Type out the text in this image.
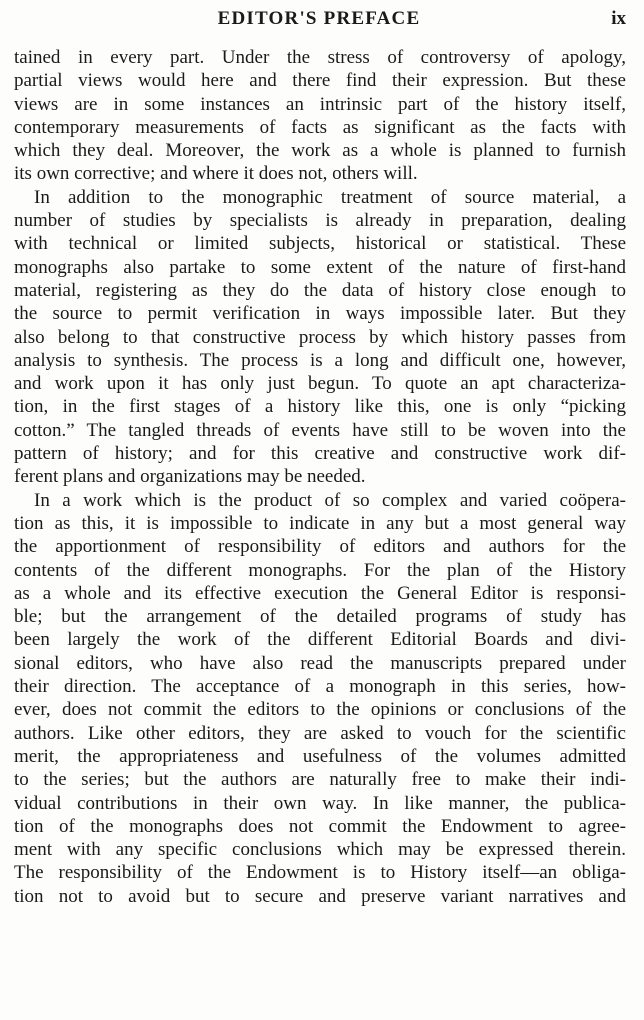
EDITOR'S PREFACE	ix
tained in every part. Under the stress of controversy of apology,
partial views would here and there find their expression. But these
views are in some instances an intrinsic part of the history itself,
contemporary measurements of facts as significant as the facts with
which they deal. Moreover, the work as a whole is planned to furnish
its own corrective; and where it does not, others will.
In addition to the monographic treatment of source material, a
number of studies by specialists is already in preparation, dealing
with technical or limited subjects, historical or statistical. These
monographs also partake to some extent of the nature of first-hand
material, registering as they do the data of history close enough to
the source to permit verification in ways impossible later. But they
also belong to that constructive process by which history passes from
analysis to synthesis. The process is a long and difficult one, however,
and work upon it has only just begun. To quote an apt characteriza-
tion, in the first stages of a history like this, one is only “picking
cotton.” The tangled threads of events have still to be woven into the
pattern of history; and for this creative and constructive work dif-
ferent plans and organizations may be needed.
In a work which is the product of so complex and varied coöpera-
tion as this, it is impossible to indicate in any but a most general way
the apportionment of responsibility of editors and authors for the
contents of the different monographs. For the plan of the History
as a whole and its effective execution the General Editor is responsi-
ble; but the arrangement of the detailed programs of study has
been largely the work of the different Editorial Boards and divi-
sional editors, who have also read the manuscripts prepared under
their direction. The acceptance of a monograph in this series, how-
ever, does not commit the editors to the opinions or conclusions of the
authors. Like other editors, they are asked to vouch for the scientific
merit, the appropriateness and usefulness of the volumes admitted
to the series; but the authors are naturally free to make their indi-
vidual contributions in their own way. In like manner, the publica-
tion of the monographs does not commit the Endowment to agree-
ment with any specific conclusions which may be expressed therein.
The responsibility of the Endowment is to History itself—an obliga-
tion not to avoid but to secure and preserve variant narratives and
